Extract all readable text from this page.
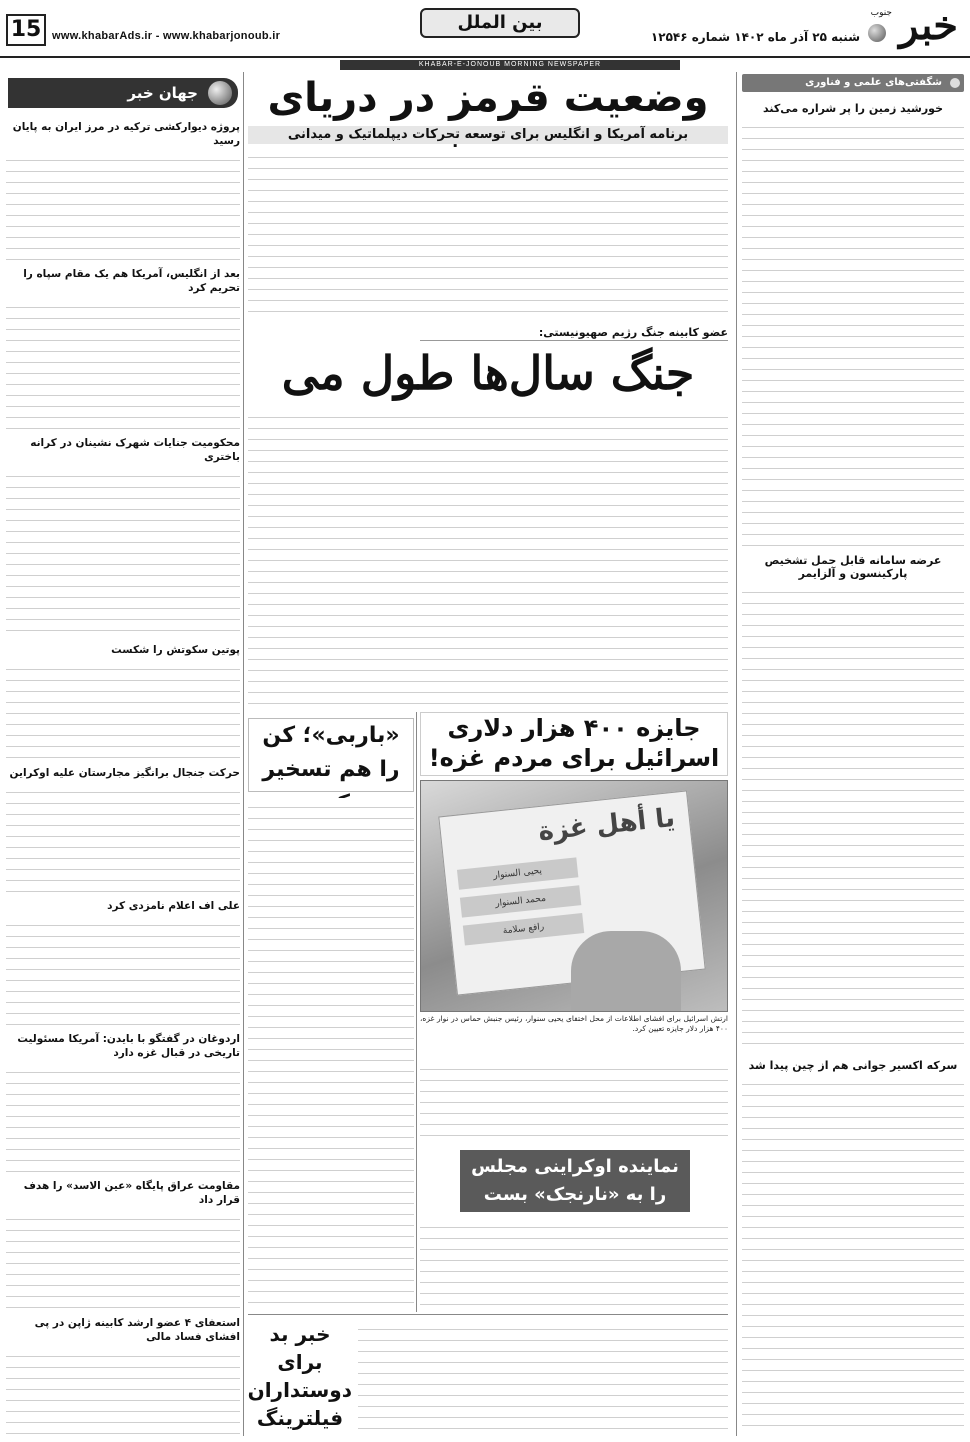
15 www.khabarAds.ir - www.khabarjonoub.ir
بین الملل
شنبه ۲۵ آذر ماه ۱۴۰۲ شماره ۱۲۵۴۶ خبر
جنوب
KHABAR-E-JONOUB MORNING NEWSPAPER
شگفتی‌های علمی و فناوری
خورشید زمین را پر شراره می‌کند
عرضه سامانه قابل حمل تشخیص پارکینسون و آلزایمر
سرکه اکسیر جوانی هم از چین پیدا شد
جهان خبر
پروژه دیوارکشی ترکیه در مرز ایران به پایان رسید
بعد از انگلیس، آمریکا هم یک مقام سپاه را تحریم کرد
محکومیت جنایات شهرک نشینان در کرانه باختری
پوتین سکوتش را شکست
حرکت جنجال برانگیز مجارستان علیه اوکراین
علی اف اعلام نامزدی کرد
اردوغان در گفتگو با بایدن: آمریکا مسئولیت تاریخی در قبال غزه دارد
مقاومت عراق پایگاه «عین الاسد» را هدف قرار داد
استعفای ۴ عضو ارشد کابینه ژاپن در پی افشای فساد مالی
وضعیت قرمز در دریای
برنامه آمریکا و انگلیس برای توسعه تحرکات دیپلماتیک و میدانی
عضو کابینه جنگ رژیم صهیونیستی:
جنگ سال‌ها طول می
«باربی»؛ کن را هم تسخیر
جایزه ۴۰۰ هزار دلاری اسرائیل برای مردم غزه!
یا أهل غزة
یحیی السنوار
محمد السنوار
رافع سلامة
ارتش اسرائیل برای افشای اطلاعات از محل اختفای یحیی سنوار، رئیس جنبش حماس در نوار غزه، ۴۰۰ هزار دلار جایزه تعیین کرد.
نماینده اوکراینی مجلس را به «نارنجک» بست
خبر بد برای دوستداران فیلترینگ
